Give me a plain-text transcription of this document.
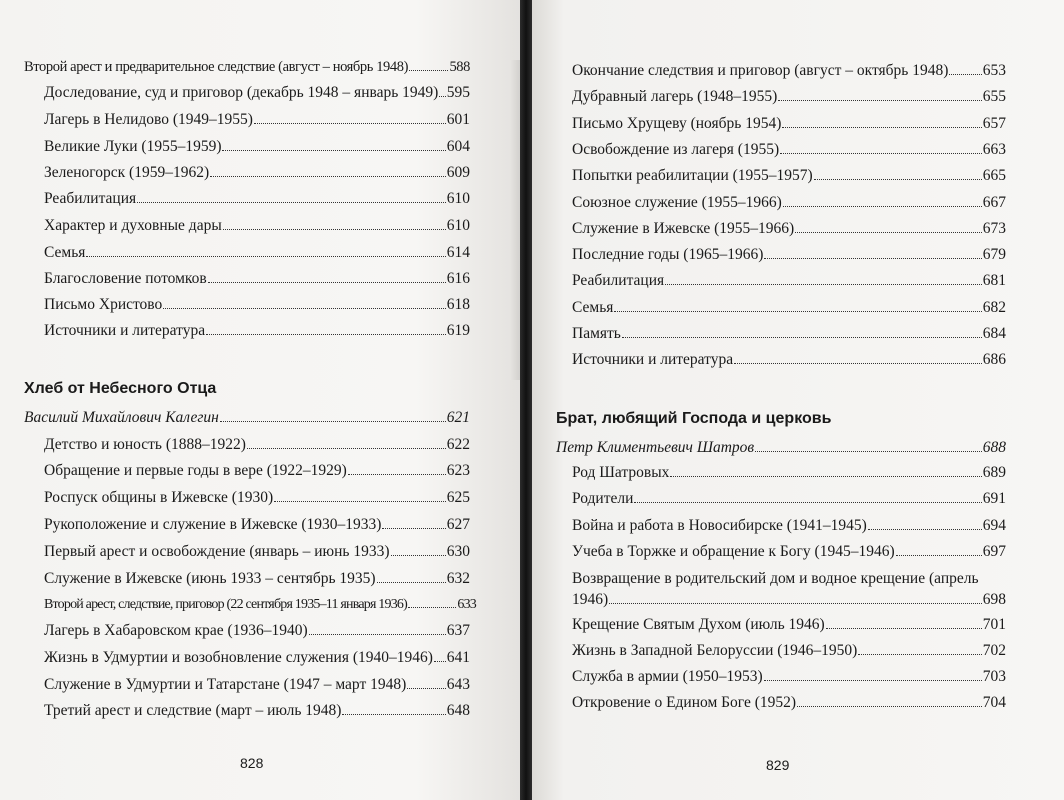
Второй арест и предварительное следствие (август – ноябрь 1948)	588
Доследование, суд и приговор (декабрь 1948 – январь 1949) 595
Лагерь в Нелидово (1949–1955)	601
Великие Луки (1955–1959)	604
Зеленогорск (1959–1962)	609
Реабилитация	610
Характер и духовные дары	610
Семья	614
Благословение потомков	616
Письмо Христово	618
Источники и литература	619
Хлеб от Небесного Отца
Василий Михайлович Калегин	621
Детство и юность (1888–1922)	622
Обращение и первые годы в вере (1922–1929)	623
Роспуск общины в Ижевске (1930)	625
Рукоположение и служение в Ижевске (1930–1933)	627
Первый арест и освобождение (январь – июнь 1933)	630
Служение в Ижевске (июнь 1933 – сентябрь 1935)	632
Второй арест, следствие, приговор (22 сентября 1935–11 января 1936)	633
Лагерь в Хабаровском крае (1936–1940)	637
Жизнь в Удмуртии и возобновление служения (1940–1946) 641
Служение в Удмуртии и Татарстане (1947 – март 1948)	643
Третий арест и следствие (март – июль 1948)	648
828
Окончание следствия и приговор (август – октябрь 1948) 653
Дубравный лагерь (1948–1955)	655
Письмо Хрущеву (ноябрь 1954)	657
Освобождение из лагеря (1955)	663
Попытки реабилитации (1955–1957)	665
Союзное служение (1955–1966)	667
Служение в Ижевске (1955–1966)	673
Последние годы (1965–1966)	679
Реабилитация	681
Семья	682
Память	684
Источники и литература	686
Брат, любящий Господа и церковь
Петр Климентьевич Шатров	688
Род Шатровых	689
Родители	691
Война и работа в Новосибирске (1941–1945)	694
Учеба в Торжке и обращение к Богу (1945–1946)	697
Возвращение в родительский дом и водное крещение (апрель
1946)	698
Крещение Святым Духом (июль 1946)	701
Жизнь в Западной Белоруссии (1946–1950)	702
Служба в армии (1950–1953)	703
Откровение о Едином Боге (1952)	704
829
